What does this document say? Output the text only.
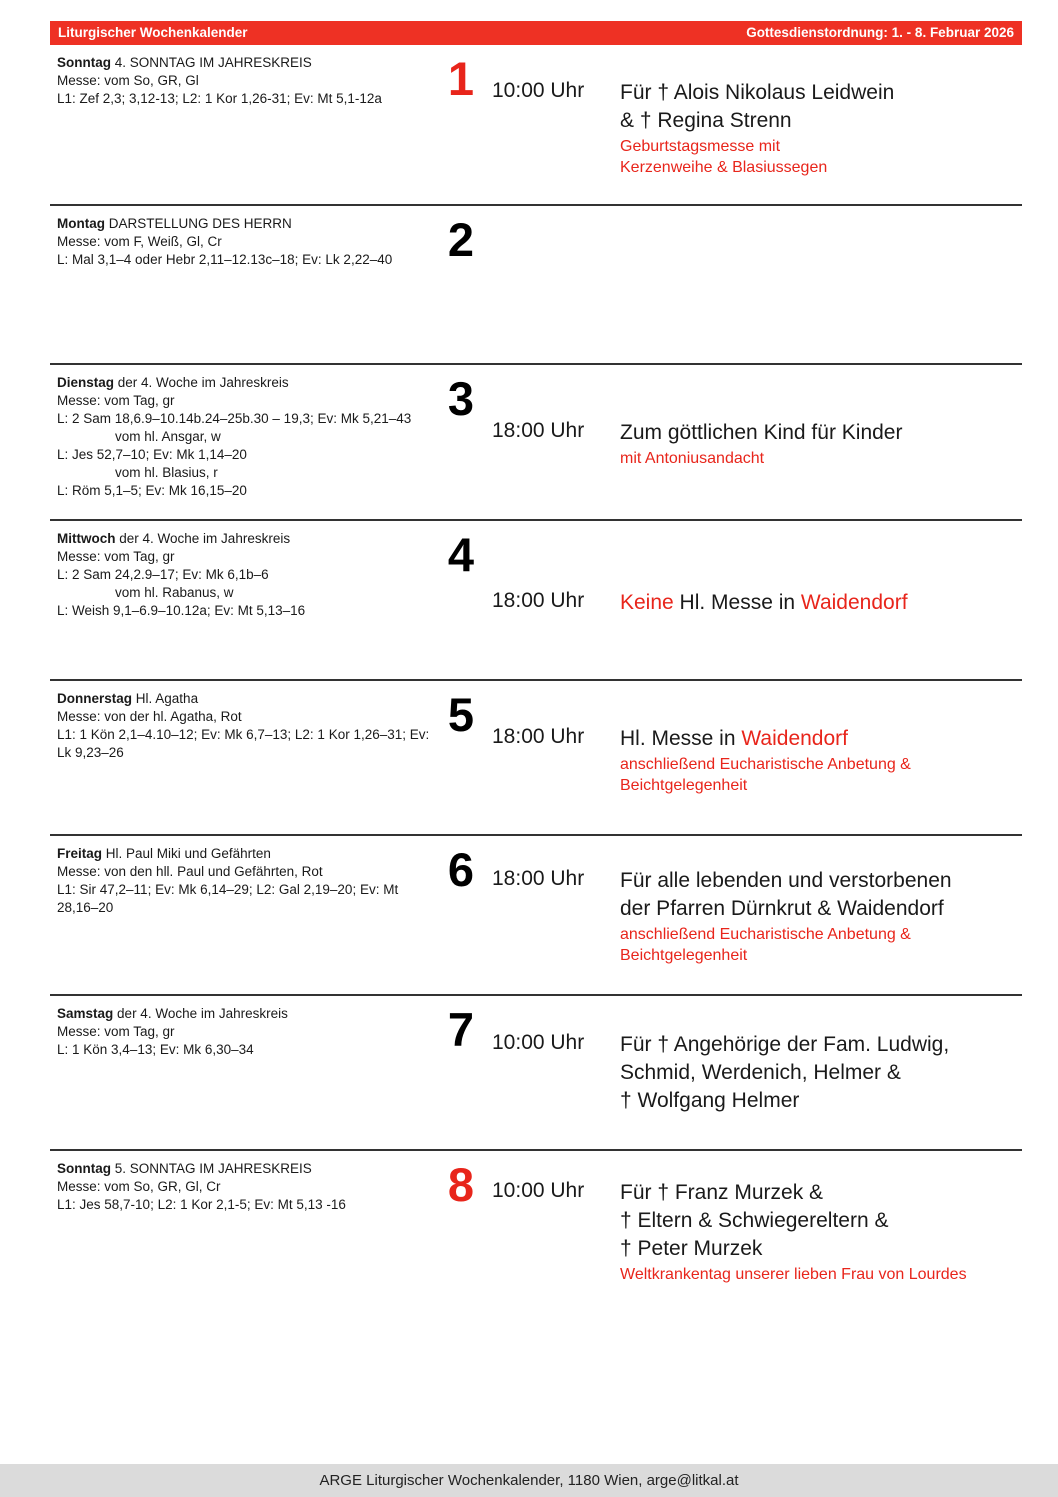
Liturgischer Wochenkalender	Gottesdienstordnung: 1. - 8. Februar 2026
Sonntag 4. SONNTAG IM JAHRESKREIS
Messe: vom So, GR, Gl
L1: Zef 2,3; 3,12-13; L2: 1 Kor 1,26-31; Ev: Mt 5,1-12a	1 10:00 Uhr	Für † Alois Nikolaus Leidwein
& † Regina Strenn
Geburtstagsmesse mit
Kerzenweihe & Blasiussegen
Montag DARSTELLUNG DES HERRN
Messe: vom F, Weiß, Gl, Cr
L: Mal 3,1–4 oder Hebr 2,11–12.13c–18; Ev: Lk 2,22–40	2
Dienstag der 4. Woche im Jahreskreis
Messe: vom Tag, gr
L: 2 Sam 18,6.9–10.14b.24–25b.30 – 19,3; Ev: Mk 5,21–43
vom hl. Ansgar, w
L: Jes 52,7–10; Ev: Mk 1,14–20
vom hl. Blasius, r
L: Röm 5,1–5; Ev: Mk 16,15–20
3
18:00 Uhr	Zum göttlichen Kind für Kinder
mit Antoniusandacht
Mittwoch der 4. Woche im Jahreskreis
Messe: vom Tag, gr
L: 2 Sam 24,2.9–17; Ev: Mk 6,1b–6
vom hl. Rabanus, w
L: Weish 9,1–6.9–10.12a; Ev: Mt 5,13–16
4
18:00 Uhr	Keine Hl. Messe in Waidendorf
Donnerstag Hl. Agatha
Messe: von der hl. Agatha, Rot
L1: 1 Kön 2,1–4.10–12; Ev: Mk 6,7–13; L2: 1 Kor 1,26–31; Ev: Lk 9,23–26
5 18:00 Uhr	Hl. Messe in Waidendorf
anschließend Eucharistische Anbetung &
Beichtgelegenheit
Freitag Hl. Paul Miki und Gefährten
Messe: von den hll. Paul und Gefährten, Rot
L1: Sir 47,2–11; Ev: Mk 6,14–29; L2: Gal 2,19–20; Ev: Mt 28,16–20
6 18:00 Uhr	Für alle lebenden und verstorbenen
der Pfarren Dürnkrut & Waidendorf
anschließend Eucharistische Anbetung &
Beichtgelegenheit
Samstag der 4. Woche im Jahreskreis
Messe: vom Tag, gr
L: 1 Kön 3,4–13; Ev: Mk 6,30–34	7 10:00 Uhr	Für † Angehörige der Fam. Ludwig,
Schmid, Werdenich, Helmer &
† Wolfgang Helmer
Sonntag 5. SONNTAG IM JAHRESKREIS
Messe: vom So, GR, Gl, Cr
L1: Jes 58,7-10; L2: 1 Kor 2,1-5; Ev: Mt 5,13 -16	8 10:00 Uhr	Für † Franz Murzek &
† Eltern & Schwiegereltern &
† Peter Murzek
Weltkrankentag unserer lieben Frau von Lourdes
ARGE Liturgischer Wochenkalender, 1180 Wien, arge@litkal.at
